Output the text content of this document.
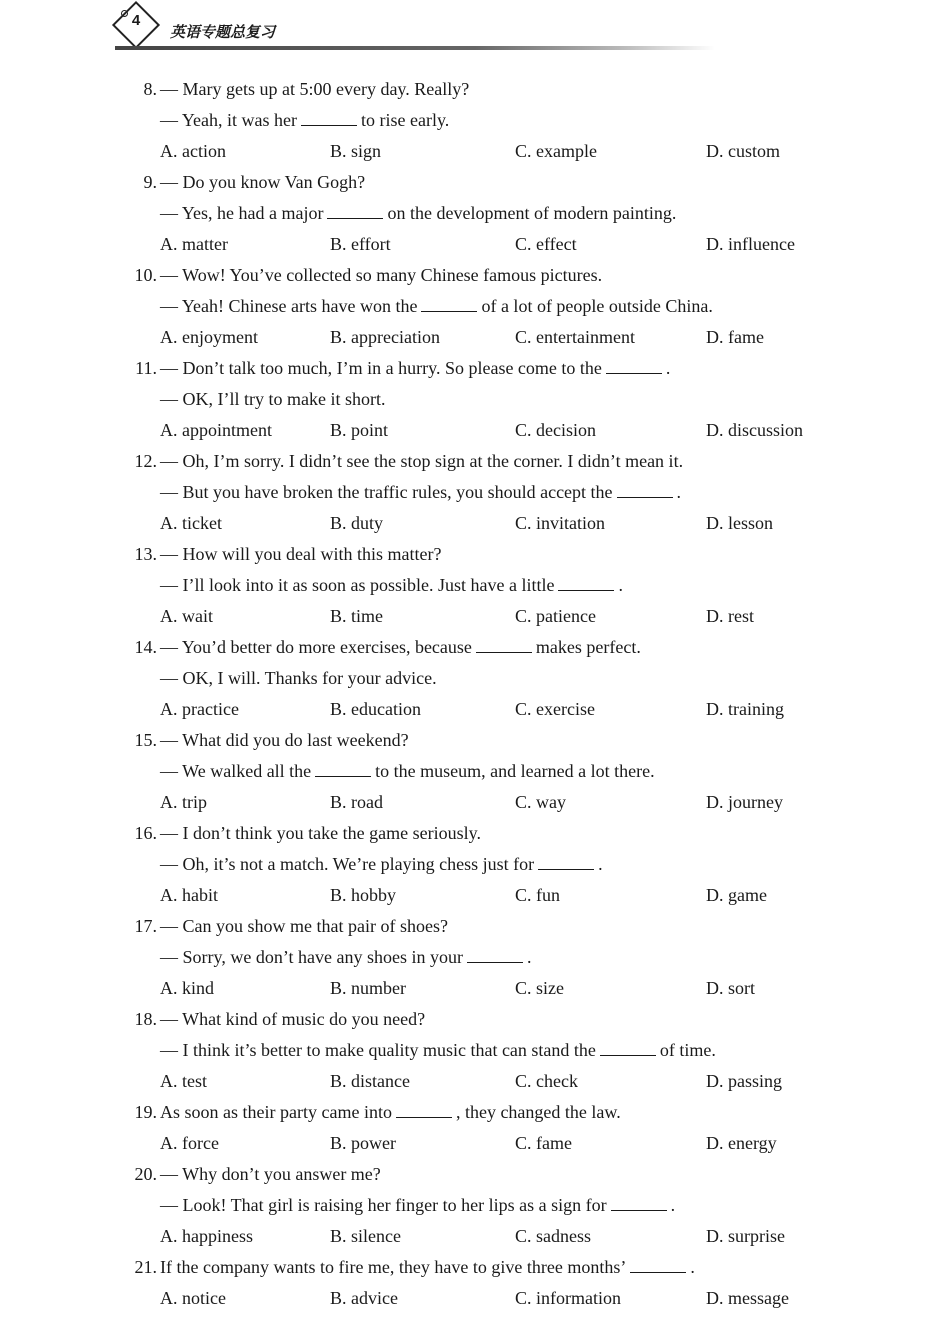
4
英语专题总复习
8. — Mary gets up at 5:00 every day. Really?
— Yeah, it was her	to rise early.
A. action	B. sign	C. example	D. custom
9. — Do you know Van Gogh?
— Yes, he had a major	on the development of modern painting.
A. matter	B. effort	C. effect	D. influence
10. — Wow! You’ve collected so many Chinese famous pictures.
— Yeah! Chinese arts have won the	of a lot of people outside China.
A. enjoyment	B. appreciation	C. entertainment	D. fame
11. — Don’t talk too much, I’m in a hurry. So please come to the	.
— OK, I’ll try to make it short.
A. appointment	B. point	C. decision	D. discussion
12. — Oh, I’m sorry. I didn’t see the stop sign at the corner. I didn’t mean it.
— But you have broken the traffic rules, you should accept the	.
A. ticket	B. duty	C. invitation	D. lesson
13. — How will you deal with this matter?
— I’ll look into it as soon as possible. Just have a little	.
A. wait	B. time	C. patience	D. rest
14. — You’d better do more exercises, because	makes perfect.
— OK, I will. Thanks for your advice.
A. practice	B. education	C. exercise	D. training
15. — What did you do last weekend?
— We walked all the	to the museum, and learned a lot there.
A. trip	B. road	C. way	D. journey
16. — I don’t think you take the game seriously.
— Oh, it’s not a match. We’re playing chess just for	.
A. habit	B. hobby	C. fun	D. game
17. — Can you show me that pair of shoes?
— Sorry, we don’t have any shoes in your	.
A. kind	B. number	C. size	D. sort
18. — What kind of music do you need?
— I think it’s better to make quality music that can stand the	of time.
A. test	B. distance	C. check	D. passing
19. As soon as their party came into	, they changed the law.
A. force	B. power	C. fame	D. energy
20. — Why don’t you answer me?
— Look! That girl is raising her finger to her lips as a sign for	.
A. happiness	B. silence	C. sadness	D. surprise
21. If the company wants to fire me, they have to give three months’	.
A. notice	B. advice	C. information	D. message
